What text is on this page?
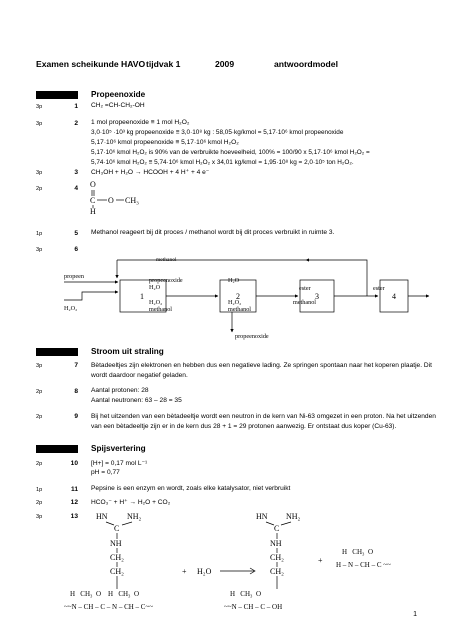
Examen scheikunde HAVO tijdvak 1	2009	antwoordmodel
Propeenoxide
3p	1 CH₂ =CH-CH₂-OH
3p	2 1 mol propeenoxide ≡ 1 mol H₂O₂
3,0·10⁵ ·10³ kg propeenoxide ≡ 3,0·10⁸ kg : 58,05·kg/kmol = 5,17·10⁶ kmol propeenoxide
5,17·10⁶ kmol propeenoxide ≡ 5,17·10⁶ kmol H₂O₂
5,17·10⁶ kmol H₂O₂ is 90% van de verbruikte hoeveelheid, 100% = 100/90 x 5,17·10⁶ kmol H₂O₂ =
5,74·10⁶ kmol H₂O₂ ≡ 5,74·10⁶ kmol H₂O₂ x 34,01 kg/kmol = 1,95·10⁸ kg = 2,0·10⁵ ton H₂O₂.
3p	3 CH₃OH + H₂O → HCOOH + 4 H⁺ + 4 e⁻
2p	4 O
C O CH₃
H
1p	5 Methanol reageert bij dit proces / methanol wordt bij dit proces verbruikt in ruimte 3.
3p	6
methanol
propeen
H₂O₂
propeenoxide
H₂O
H₂O₂
methanol
H₂O
H₂O₂
methanol
ester
methanol
ester
propeenoxide
1	2	3	4
Stroom uit straling
3p	7 Bètadeeltjes zijn elektronen en hebben dus een negatieve lading. Ze springen spontaan naar het koperen plaatje. Dit wordt daardoor negatief geladen.
2p	8 Aantal protonen: 28
Aantal neutronen: 63 – 28 = 35
2p	9 Bij het uitzenden van een bètadeeltje wordt een neutron in de kern van Ni-63 omgezet in een proton. Na het uitzenden van een bètadeeltje zijn er in de kern dus 28 + 1 = 29 protonen aanwezig. Er ontstaat dus koper (Cu-63).
Spijsvertering
2p	10 [H+] = 0,17 mol L⁻¹
pH = 0,77
1p	11 Pepsine is een enzym en wordt, zoals elke katalysator, niet verbruikt
2p	12 HCO₃⁻ + H⁺ → H₂O + CO₂
3p	13 HN NH₂
C
NH
CH₂
CH₂
H   CH₃  O    H   CH₃  O
~~N – CH – C – N – CH – C~~
+ H₂O
HN NH₂
C
NH
CH₂
CH₂
H   CH₃  O
~~N – CH – C – OH
+
H   CH₃  O
H – N – CH – C ~~
1
